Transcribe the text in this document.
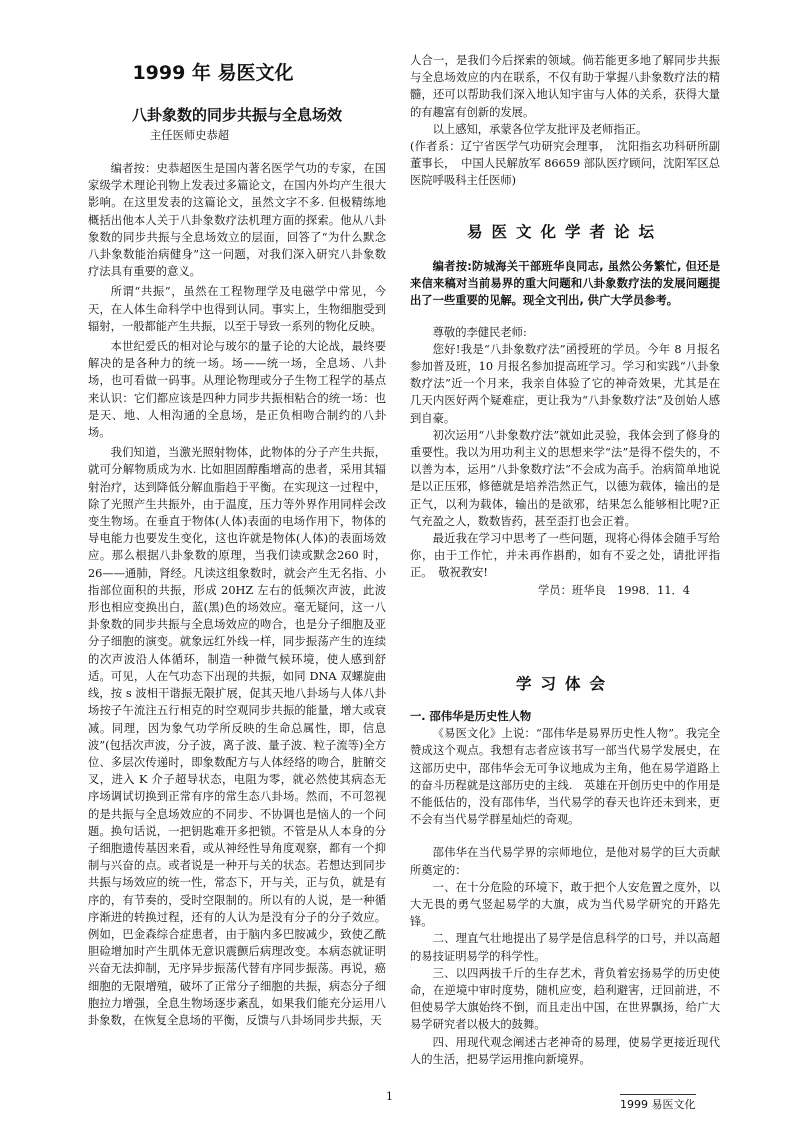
1999 年 易医文化
八卦象数的同步共振与全息场效
主任医师史恭超

编者按：史恭超医生是国内著名医学气功的专家，在国家级学术理论刊物上发表过多篇论文，在国内外均产生很大影响。在这里发表的这篇论文，虽然文字不多. 但极精练地概括出他本人关于八卦象数疗法机理方面的探索。他从八卦象数的同步共振与全息场效立的层面，回答了“为什么默念八卦象数能治病健身”这一问题，对我们深入研究八卦象数疗法具有重要的意义。

所谓“共振”，虽然在工程物理学及电磁学中常见，今天，在人体生命科学中也得到认同。事实上，生物细胞受到辐射，一般都能产生共振，以至于导致一系列的物化反映。

本世纪爱氏的相对论与玻尔的量子论的大论战，最终要解决的是各种力的统一场。场——统一场，全息场、八卦场，也可看做一码事。从理论物理或分子生物工程学的基点来认识：它们都应该是四种力同步共振相粘合的统一场：也是天、地、人相沟通的全息场，是正负相吻合制约的八卦场。

我们知道，当激光照射物体，此物体的分子产生共振，就可分解物质成为水. 比如胆固醇酯增高的患者，采用其辐射治疗，达到降低分解血脂趋于平衡。在实现这一过程中，除了光照产生共振外，由于温度，压力等外界作用同样会改变生物场。在垂直于物体(人体)表面的电场作用下，物体的导电能力也要发生变化，这也许就是物体(人体)的表面场效应。那么根据八卦象数的原理，当我们读或默念260 时，26——通肺，肾经。凡读这组象数时，就会产生无名指、小指部位面积的共振，形成 20HZ 左右的低频次声波，此波形也相应变换出白，蓝(黑)色的场效应。毫无疑问，这一八卦象数的同步共振与全息场效应的吻合，也是分子细胞及亚分子细胞的演变。就象远红外线一样，同步振荡产生的连续的次声波沿人体循环，制造一种微气候环境，使人感到舒适。可见，人在气功态下出现的共振，如同 DNA 双螺旋曲线，按 s 波相干谐振无限扩展，促其天地八卦场与人体八卦场按子午流注五行相克的时空观同步共振的能量，增大或衰减。同理，因为象气功学所反映的生命总属性，即，信息波”(包括次声波，分子波，离子波、量子波、粒子流等)全方位、多层次传递时，即象数配方与人体经络的吻合，脏腑交叉，进入 K 介子超导状态，电阻为零，就必然使其病态无序场调试切换到正常有序的常生态八卦场。然而，不可忽视的是共振与全息场效应的不同步、不协调也是恼人的一个问题。换句话说，一把钥匙难开多把锁。不管是从人本身的分子细胞遗传基因来看，或从神经性导角度观察，都有一个抑制与兴奋的点。或者说是一种开与关的状态。若想达到同步共振与场效应的统一性，常态下，开与关，正与负，就是有序的，有节奏的，受时空限制的。所以有的人说，是一种循序渐进的转换过程，还有的人认为是没有分子的分子效应。例如，巴金森综合症患者，由于脑内多巴胺减少，致使乙酰胆硷增加时产生肌体无意识震颤后病理改变。本病态就证明兴奋无法抑制，无序异步振荡代替有序同步振荡。再说，癌细胞的无限增殖，破坏了正常分子细胞的共振，病态分子细胞拉力增强，全息生物场逐步紊乱，如果我们能充分运用八卦象数，在恢复全息场的平衡，反馈与八卦场同步共振，天

人合一，是我们今后探索的领域。倘若能更多地了解同步共振与全息场效应的内在联系，不仅有助于掌握八卦象数疗法的精髓，还可以帮助我们深入地认知宇宙与人体的关系，获得大量的有趣富有创新的发展。

以上感知，承蒙各位学友批评及老师指正。

(作者系：辽宁省医学气功研究会理事，　沈阳指玄功科研所副董事长，　中国人民解放军 86659 部队医疗顾问，沈阳军区总医院呼吸科主任医师)

易医文化学者论坛

编者按:防城海关干部班华良同志, 虽然公务繁忙, 但还是来信来稿对当前易界的重大问题和八卦象数疗法的发展问题提出了一些重要的见解。现全文刊出, 供广大学员参考。

尊敬的李健民老师:

您好!我是“八卦象数疗法”函授班的学员。今年 8 月报名参加普及班，10 月报名参加提高班学习。学习和实践“八卦象数疗法”近一个月来，我亲自体验了它的神奇效果，尤其是在几天内医好两个疑难症，更让我为“八卦象数疗法”及创始人感到自豪。

初次运用“八卦象数疗法”就如此灵验，我体会到了修身的重要性。我以为用功利主义的思想来学“法”是得不偿失的，不以善为本，运用“八卦象数疗法”不会成为高手。治病简单地说是以正压邪，修德就是培养浩然正气，以德为载体，输出的是正气，以利为载体，输出的是欲邪，结果怎么能够相比呢?正气充盈之人，数数皆药，甚至歪打也会正着。

最近我在学习中思考了一些问题，现将心得体会随手写给你，由于工作忙，并未再作斟酌，如有不妥之处，请批评指正。　敬祝教安!

学员：班华良　1998．11．4

学习体会

一. 邵伟华是历史性人物

《易医文化》上说：“邵伟华是易界历史性人物”。我完全赞成这个观点。我想有志者应该书写一部当代易学发展史，在这部历史中，邵伟华会无可争议地成为主角，他在易学道路上的奋斗历程就是这部历史的主线.　英雄在开创历史中的作用是不能低估的，没有邵伟华，当代易学的春天也许还未到来，更不会有当代易学群星灿烂的奇观。

邵伟华在当代易学界的宗师地位，是他对易学的巨大贡献所奠定的：

一、在十分危险的环境下，敢于把个人安危置之度外，以大无畏的勇气竖起易学的大旗，成为当代易学研究的开路先锋。

二、理直气壮地提出了易学是信息科学的口号，并以高超的易技证明易学的科学性。

三、以四两拔千斤的生存艺术，背负着宏扬易学的历史使命，在逆境中审时度势，随机应变，趋利避害，迂回前进，不但使易学大旗始终不倒，而且走出中国，在世界飘扬，给广大易学研究者以极大的鼓舞。

四、用现代观念阐述古老神奇的易理，使易学更接近现代人的生活，把易学运用推向新境界。

1
1999 易医文化
